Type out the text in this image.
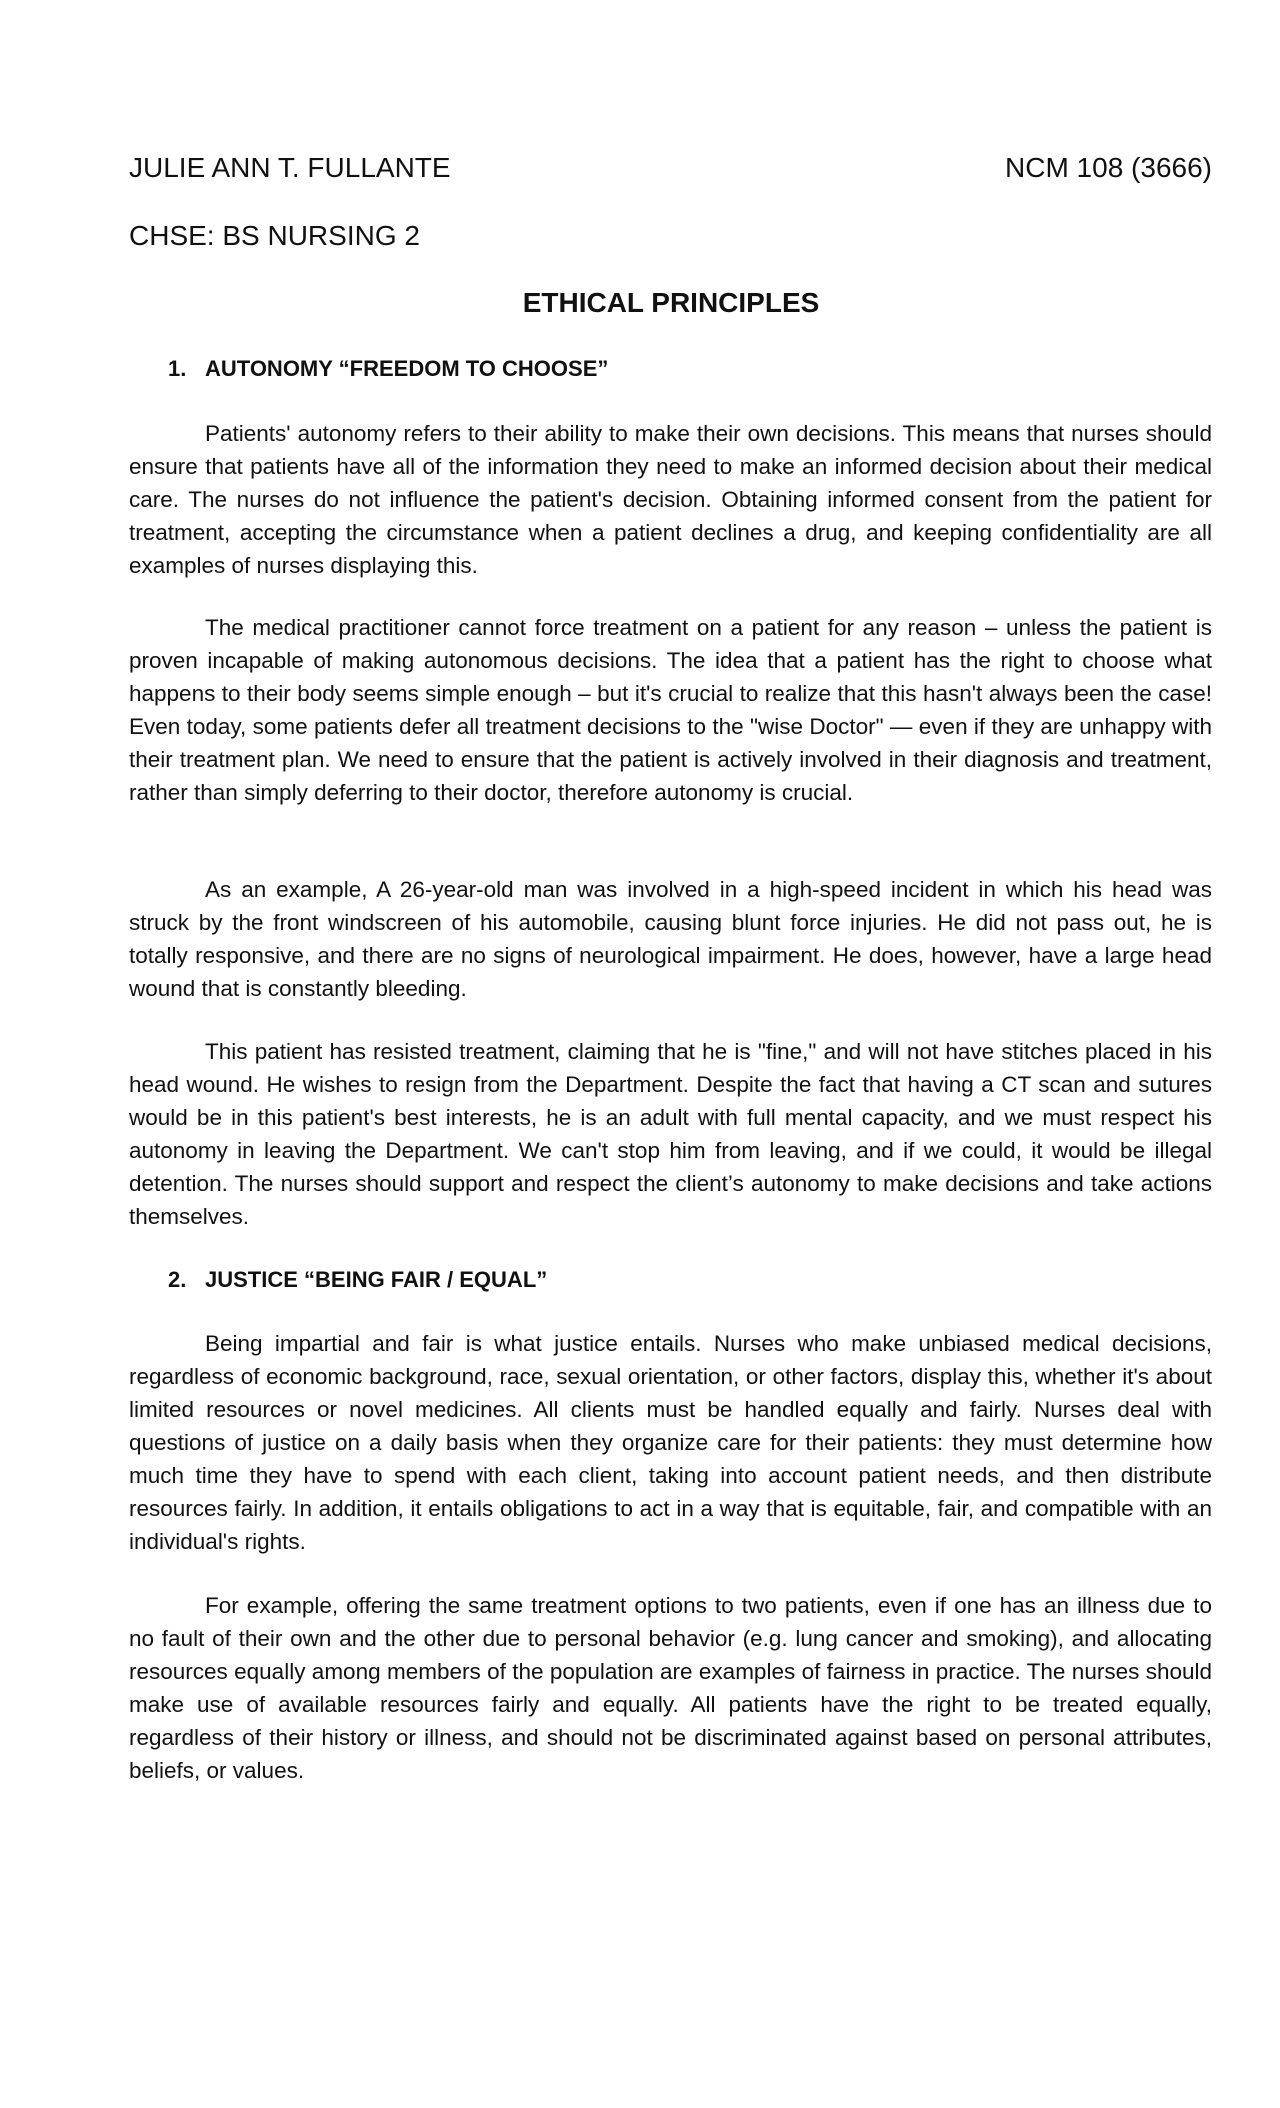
JULIE ANN T. FULLANTE	NCM 108 (3666)
CHSE: BS NURSING 2
ETHICAL PRINCIPLES
1. AUTONOMY “FREEDOM TO CHOOSE”
Patients' autonomy refers to their ability to make their own decisions. This means that nurses should ensure that patients have all of the information they need to make an informed decision about their medical care. The nurses do not influence the patient's decision. Obtaining informed consent from the patient for treatment, accepting the circumstance when a patient declines a drug, and keeping confidentiality are all examples of nurses displaying this.
The medical practitioner cannot force treatment on a patient for any reason – unless the patient is proven incapable of making autonomous decisions. The idea that a patient has the right to choose what happens to their body seems simple enough – but it's crucial to realize that this hasn't always been the case! Even today, some patients defer all treatment decisions to the "wise Doctor" — even if they are unhappy with their treatment plan. We need to ensure that the patient is actively involved in their diagnosis and treatment, rather than simply deferring to their doctor, therefore autonomy is crucial.
As an example, A 26-year-old man was involved in a high-speed incident in which his head was struck by the front windscreen of his automobile, causing blunt force injuries. He did not pass out, he is totally responsive, and there are no signs of neurological impairment. He does, however, have a large head wound that is constantly bleeding.
This patient has resisted treatment, claiming that he is "fine," and will not have stitches placed in his head wound. He wishes to resign from the Department. Despite the fact that having a CT scan and sutures would be in this patient's best interests, he is an adult with full mental capacity, and we must respect his autonomy in leaving the Department. We can't stop him from leaving, and if we could, it would be illegal detention. The nurses should support and respect the client’s autonomy to make decisions and take actions themselves.
2. JUSTICE “BEING FAIR / EQUAL”
Being impartial and fair is what justice entails. Nurses who make unbiased medical decisions, regardless of economic background, race, sexual orientation, or other factors, display this, whether it's about limited resources or novel medicines. All clients must be handled equally and fairly. Nurses deal with questions of justice on a daily basis when they organize care for their patients: they must determine how much time they have to spend with each client, taking into account patient needs, and then distribute resources fairly. In addition, it entails obligations to act in a way that is equitable, fair, and compatible with an individual's rights.
For example, offering the same treatment options to two patients, even if one has an illness due to no fault of their own and the other due to personal behavior (e.g. lung cancer and smoking), and allocating resources equally among members of the population are examples of fairness in practice. The nurses should make use of available resources fairly and equally. All patients have the right to be treated equally, regardless of their history or illness, and should not be discriminated against based on personal attributes, beliefs, or values.
